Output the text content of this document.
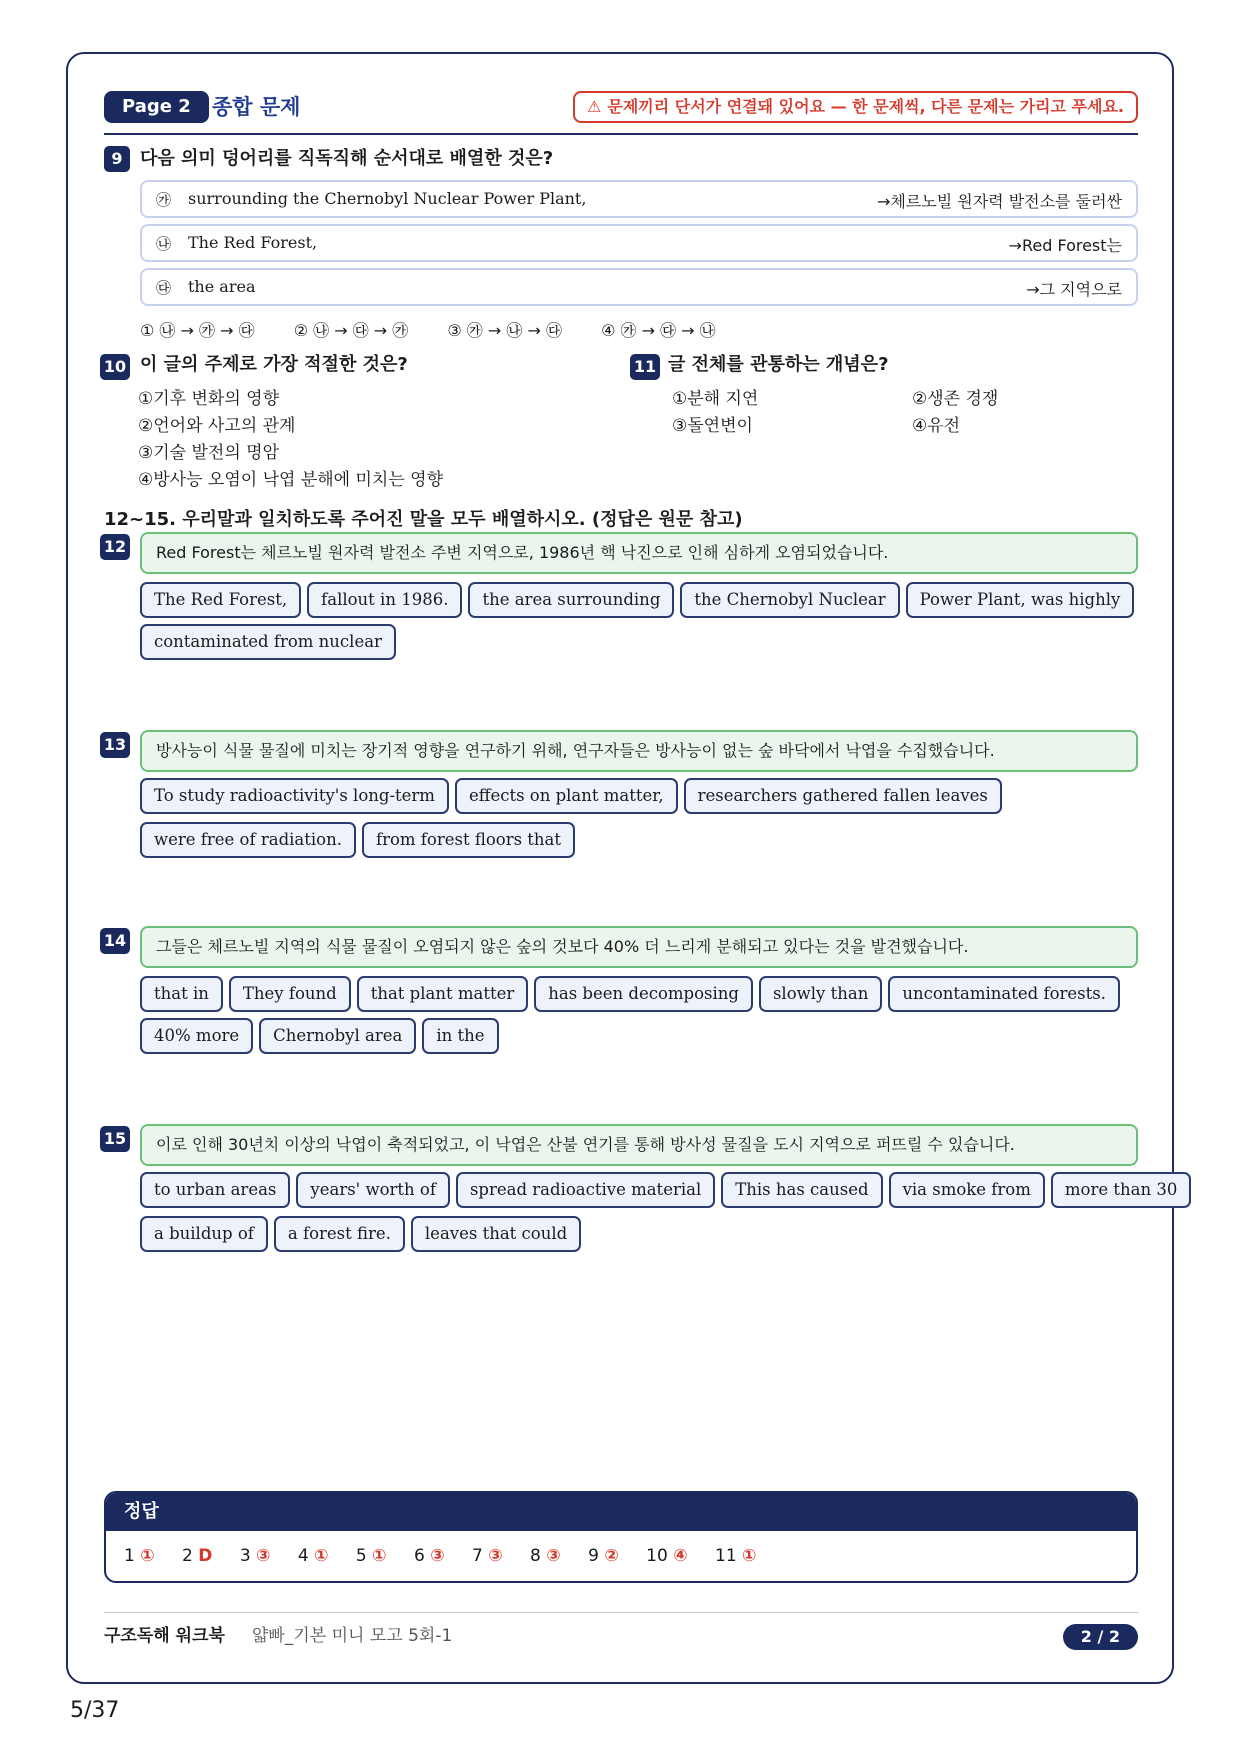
Page 2	종합 문제	⚠ 문제끼리 단서가 연결돼 있어요 — 한 문제씩, 다른 문제는 가리고 푸세요.
9 다음 의미 덩어리를 직독직해 순서대로 배열한 것은?
㉮ surrounding the Chernobyl Nuclear Power Plant,	→체르노빌 원자력 발전소를 둘러싼
㉯ The Red Forest,	→Red Forest는
㉰ the area	→그 지역으로
① ㉯ → ㉮ → ㉰ ② ㉯ → ㉰ → ㉮ ③ ㉮ → ㉯ → ㉰ ④ ㉮ → ㉰ → ㉯
10 이 글의 주제로 가장 적절한 것은?
①기후 변화의 영향
②언어와 사고의 관계
③기술 발전의 명암
④방사능 오염이 낙엽 분해에 미치는 영향
11 글 전체를 관통하는 개념은?
①분해 지연	②생존 경쟁
③돌연변이	④유전
12~15. 우리말과 일치하도록 주어진 말을 모두 배열하시오. (정답은 원문 참고)
12	Red Forest는 체르노빌 원자력 발전소 주변 지역으로, 1986년 핵 낙진으로 인해 심하게 오염되었습니다.
The Red Forest,	fallout in 1986.	the area surrounding	the Chernobyl Nuclear	Power Plant, was highly
contaminated from nuclear
13	방사능이 식물 물질에 미치는 장기적 영향을 연구하기 위해, 연구자들은 방사능이 없는 숲 바닥에서 낙엽을 수집했습니다.
To study radioactivity's long-term	effects on plant matter,	researchers gathered fallen leaves
were free of radiation.	from forest floors that
14	그들은 체르노빌 지역의 식물 물질이 오염되지 않은 숲의 것보다 40% 더 느리게 분해되고 있다는 것을 발견했습니다.
that in	They found	that plant matter	has been decomposing	slowly than	uncontaminated forests.
40% more	Chernobyl area	in the
15	이로 인해 30년치 이상의 낙엽이 축적되었고, 이 낙엽은 산불 연기를 통해 방사성 물질을 도시 지역으로 퍼뜨릴 수 있습니다.
to urban areas	years' worth of	spread radioactive material	This has caused	via smoke from	more than 30
a buildup of	a forest fire.	leaves that could
정답
1 ① 2 D 3 ③ 4 ① 5 ① 6 ③ 7 ③ 8 ③ 9 ② 10 ④ 11 ①
구조독해 워크북 얇빠_기본 미니 모고 5회-1	2 / 2
5/37
